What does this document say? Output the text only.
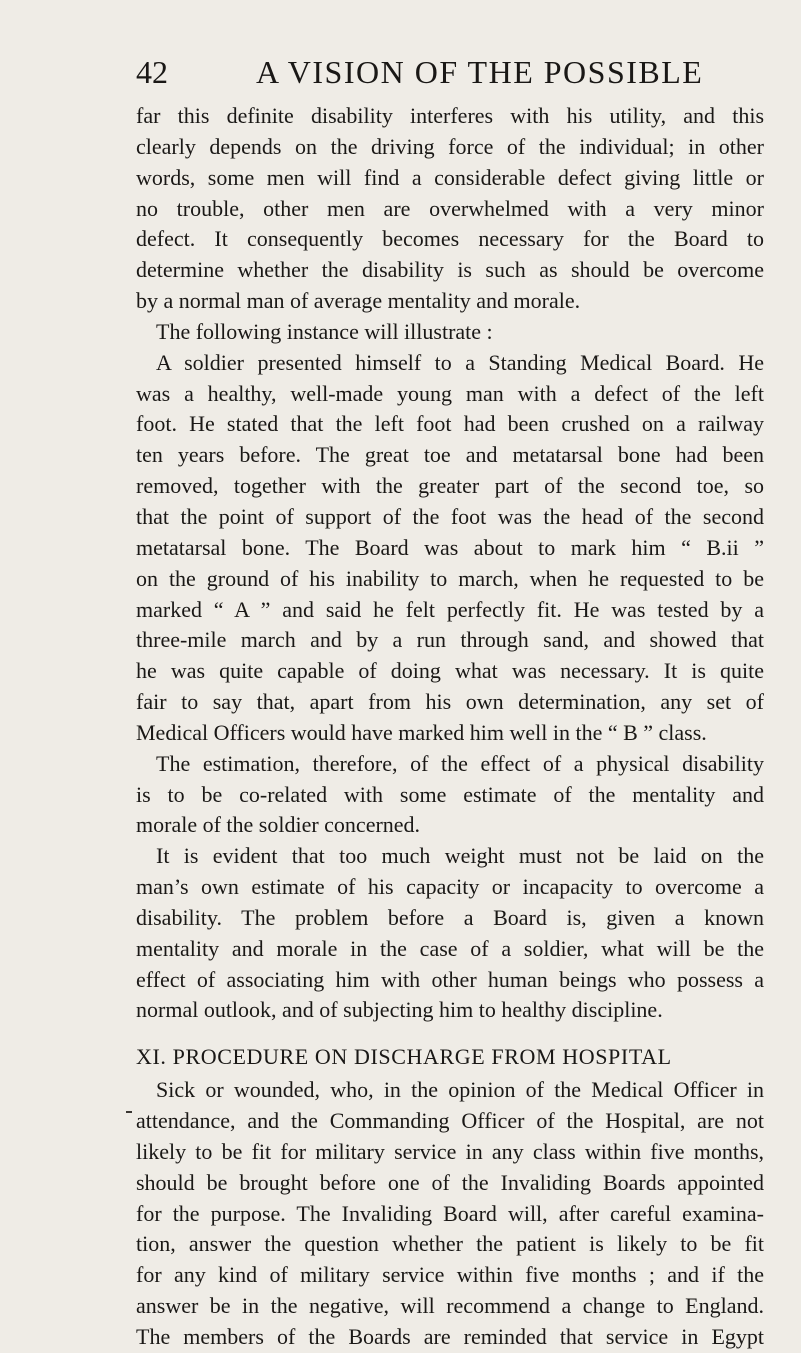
42	A VISION OF THE POSSIBLE
far this definite disability interferes with his utility, and this
clearly depends on the driving force of the individual; in other
words, some men will find a considerable defect giving little or
no trouble, other men are overwhelmed with a very minor
defect. It consequently becomes necessary for the Board to
determine whether the disability is such as should be overcome
by a normal man of average mentality and morale.
The following instance will illustrate :
A soldier presented himself to a Standing Medical Board. He
was a healthy, well-made young man with a defect of the left
foot. He stated that the left foot had been crushed on a railway
ten years before. The great toe and metatarsal bone had been
removed, together with the greater part of the second toe, so
that the point of support of the foot was the head of the second
metatarsal bone. The Board was about to mark him “ B.ii ”
on the ground of his inability to march, when he requested to be
marked “ A ” and said he felt perfectly fit. He was tested by a
three-mile march and by a run through sand, and showed that
he was quite capable of doing what was necessary. It is quite
fair to say that, apart from his own determination, any set of
Medical Officers would have marked him well in the “ B ” class.
The estimation, therefore, of the effect of a physical disability
is to be co-related with some estimate of the mentality and
morale of the soldier concerned.
It is evident that too much weight must not be laid on the
man’s own estimate of his capacity or incapacity to overcome a
disability. The problem before a Board is, given a known
mentality and morale in the case of a soldier, what will be the
effect of associating him with other human beings who possess a
normal outlook, and of subjecting him to healthy discipline.
XI. PROCEDURE ON DISCHARGE FROM HOSPITAL
Sick or wounded, who, in the opinion of the Medical Officer in
attendance, and the Commanding Officer of the Hospital, are not
likely to be fit for military service in any class within five months,
should be brought before one of the Invaliding Boards appointed
for the purpose. The Invaliding Board will, after careful examina-
tion, answer the question whether the patient is likely to be fit
for any kind of military service within five months ; and if the
answer be in the negative, will recommend a change to England.
The members of the Boards are reminded that service in Egypt
